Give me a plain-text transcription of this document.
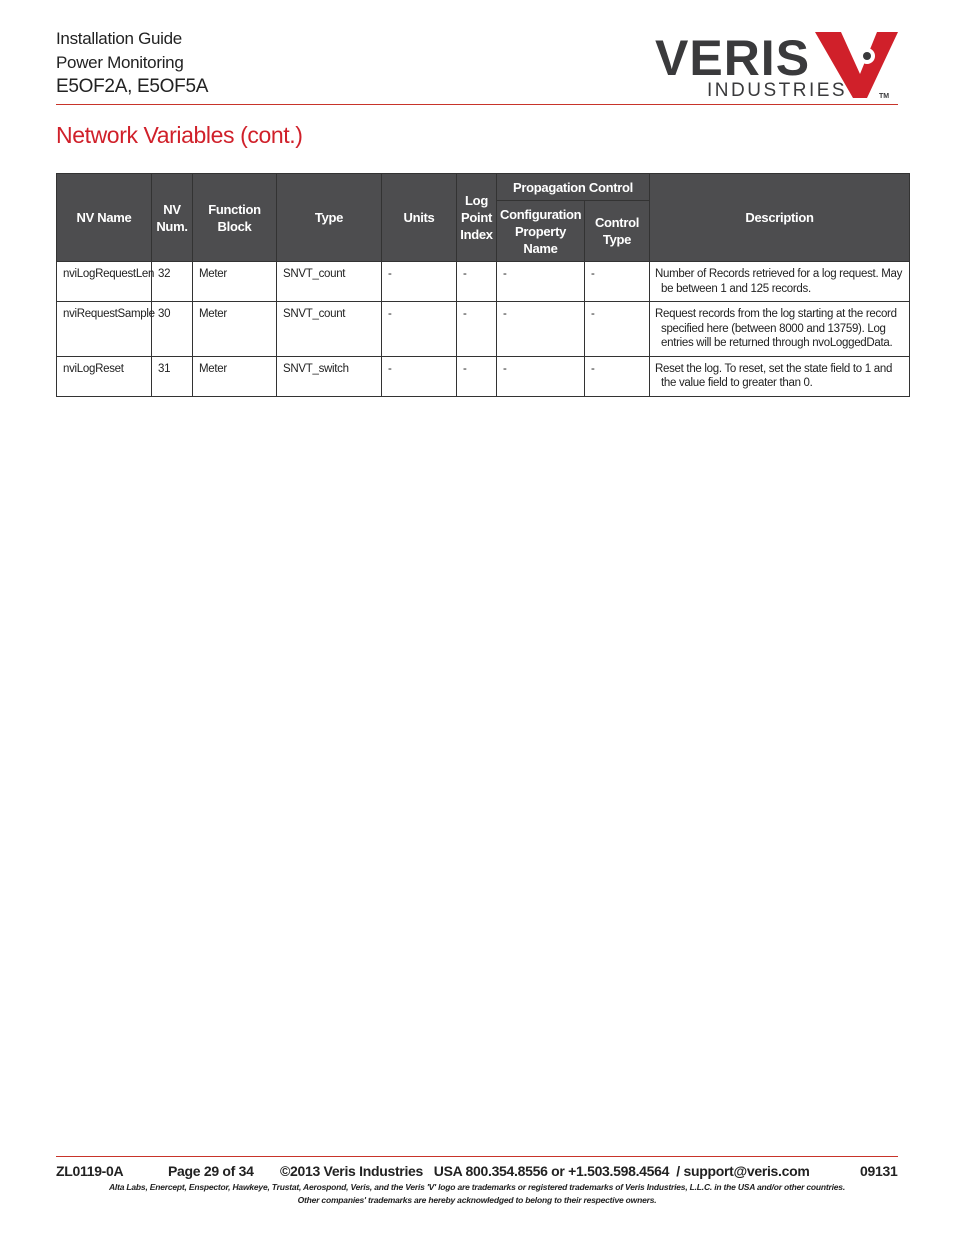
Installation Guide
Power Monitoring
E5OF2A, E5OF5A
VERIS
INDUSTRIES	TM
Network Variables (cont.)
NV Name	NV Num.	Function Block	Type	Units	Log Point Index	Propagation Control		Description
						Configuration Property Name	Control Type	
nviLogRequestLen	32	Meter	SNVT_count	-	-	-	-	Number of Records retrieved for a log request. May be between 1 and 125 records.

nviRequestSample	30	Meter	SNVT_count	-	-	-	-	Request records from the log starting at the record specified here (between 8000 and 13759). Log entries will be returned through nvoLoggedData.

nviLogReset	31	Meter	SNVT_switch	-	-	-	-	Reset the log. To reset, set the state field to 1 and the value field to greater than 0.
ZL0119-0A	Page 29 of 34 ©2013 Veris Industries   USA 800.354.8556 or +1.503.598.4564  / support@veris.com	09131
Alta Labs, Enercept, Enspector, Hawkeye, Trustat, Aerospond, Veris, and the Veris 'V' logo are trademarks or registered trademarks of Veris Industries, L.L.C. in the USA and/or other countries.
Other companies' trademarks are hereby acknowledged to belong to their respective owners.
